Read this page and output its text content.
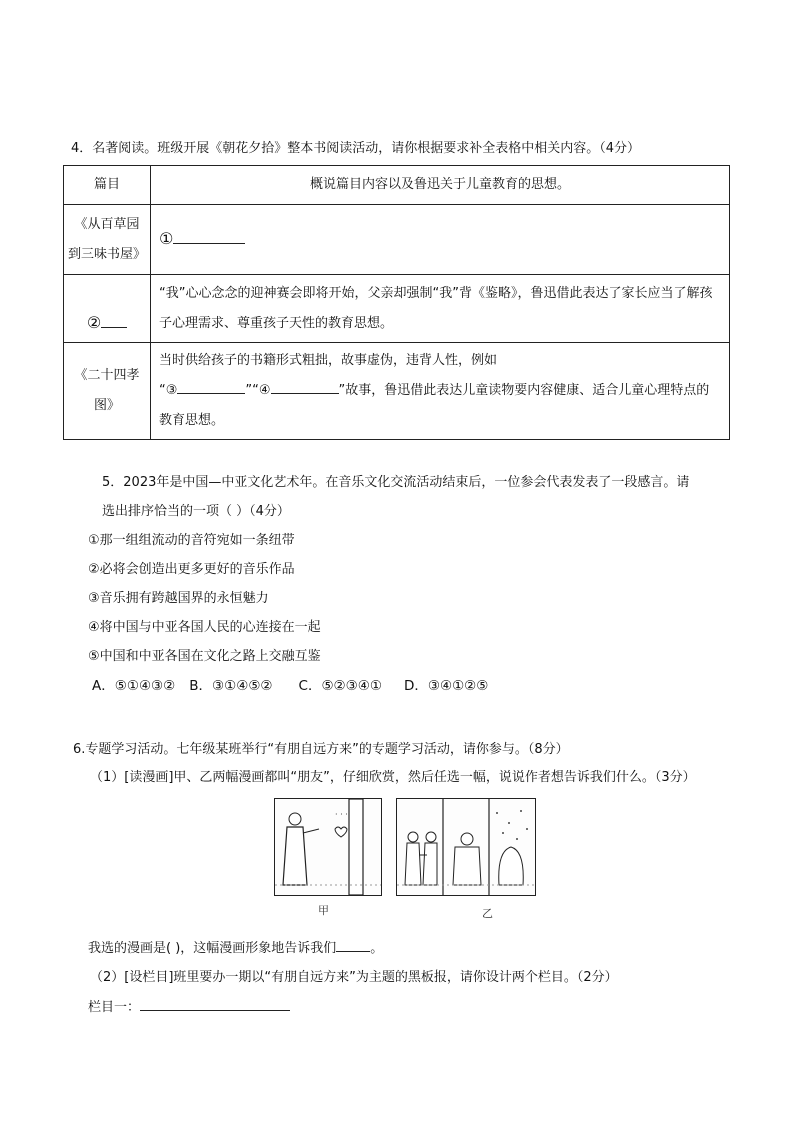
4．名著阅读。班级开展《朝花夕拾》整本书阅读活动，请你根据要求补全表格中相关内容。（4分）
篇目	概说篇目内容以及鲁迅关于儿童教育的思想。
《从百草园
到三味书屋》	①

②	“我”心心念念的迎神赛会即将开始，父亲却强制“我”背《鉴略》，鲁迅借此表达了家长应当了解孩子心理需求、尊重孩子天性的教育思想。
《二十四孝
图》	当时供给孩子的书籍形式粗拙，故事虚伪，违背人性，例如
“③ ”“④ ”故事，鲁迅借此表达儿童读物要内容健康、适合儿童心理特点的教育思想。
5．2023年是中国—中亚文化艺术年。在音乐文化交流活动结束后，一位参会代表发表了一段感言。请
选出排序恰当的一项（ ）（4分）
①那一组组流动的音符宛如一条纽带
②必将会创造出更多更好的音乐作品
③音乐拥有跨越国界的永恒魅力
④将中国与中亚各国人民的心连接在一起
⑤中国和中亚各国在文化之路上交融互鉴
A．⑤①④③② B．③①④⑤② C．⑤②③④① D．③④①②⑤
6.专题学习活动。七年级某班举行“有朋自远方来”的专题学习活动，请你参与。（8分）
（1）[读漫画]甲、乙两幅漫画都叫“朋友”，仔细欣赏，然后任选一幅，说说作者想告诉我们什么。（3分）
· · ·
甲	乙
我选的漫画是( )，这幅漫画形象地告诉我们	。
（2）[设栏目]班里要办一期以“有朋自远方来”为主题的黑板报，请你设计两个栏目。（2分）
栏目一：
